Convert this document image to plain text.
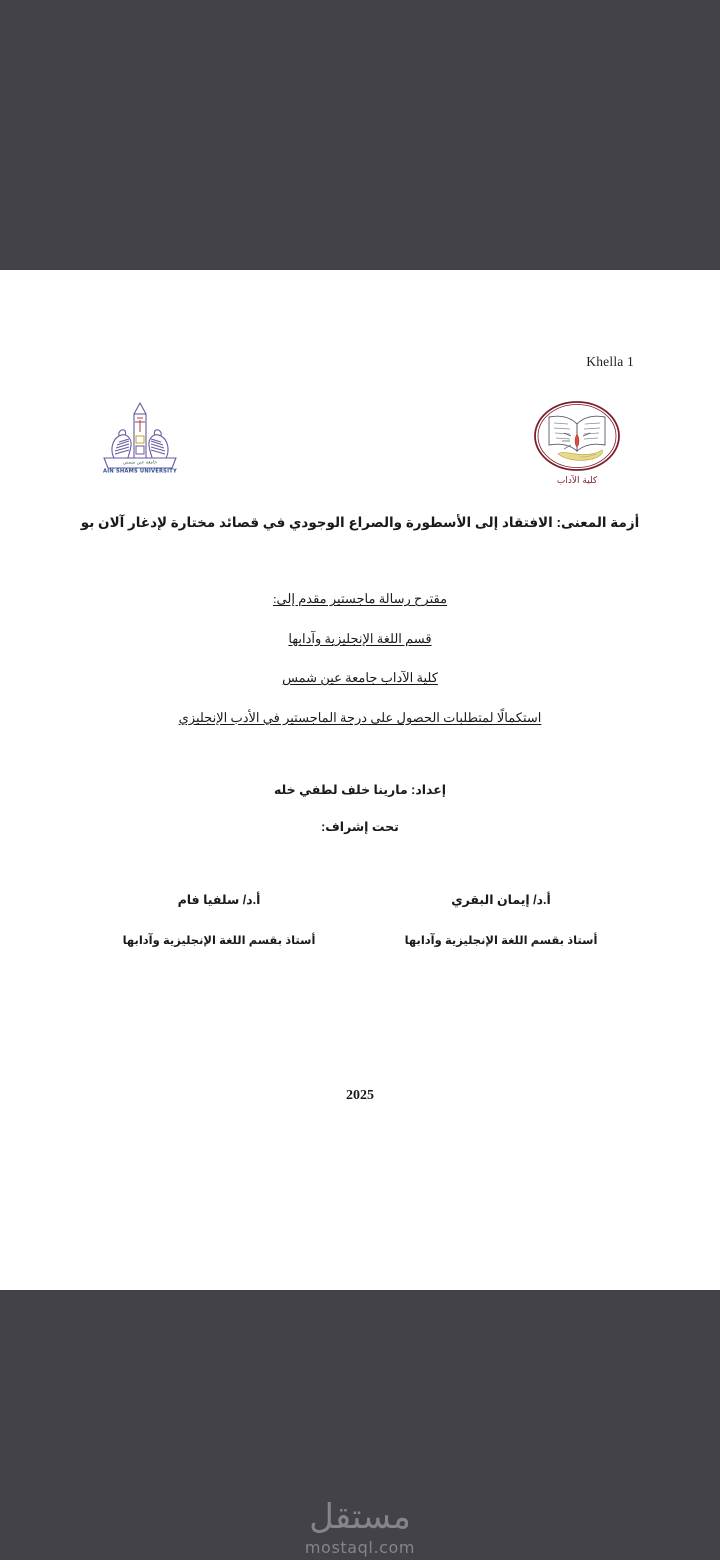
Khella 1
جامعة عين شمس
AIN SHAMS UNIVERSITY
كلية الآداب
أزمة المعنى: الافتقاد إلى الأسطورة والصراع الوجودي في قصائد مختارة لإدغار آلان بو
مقترح رسالة ماجستير مقدم إلى:
قسم اللغة الإنجليزية وآدابها
كلية الآداب جامعة عين شمس
استكمالًا لمتطلبات الحصول على درجة الماجستير في الأدب الإنجليزي
إعداد: مارينا خلف لطفي خله
تحت إشراف:
أ.د/ إيمان البقري
أستاذ بقسم اللغة الإنجليزية وآدابها
أ.د/ سلفيا فام
أستاذ بقسم اللغة الإنجليزية وآدابها
2025
مستقل
mostaql.com
